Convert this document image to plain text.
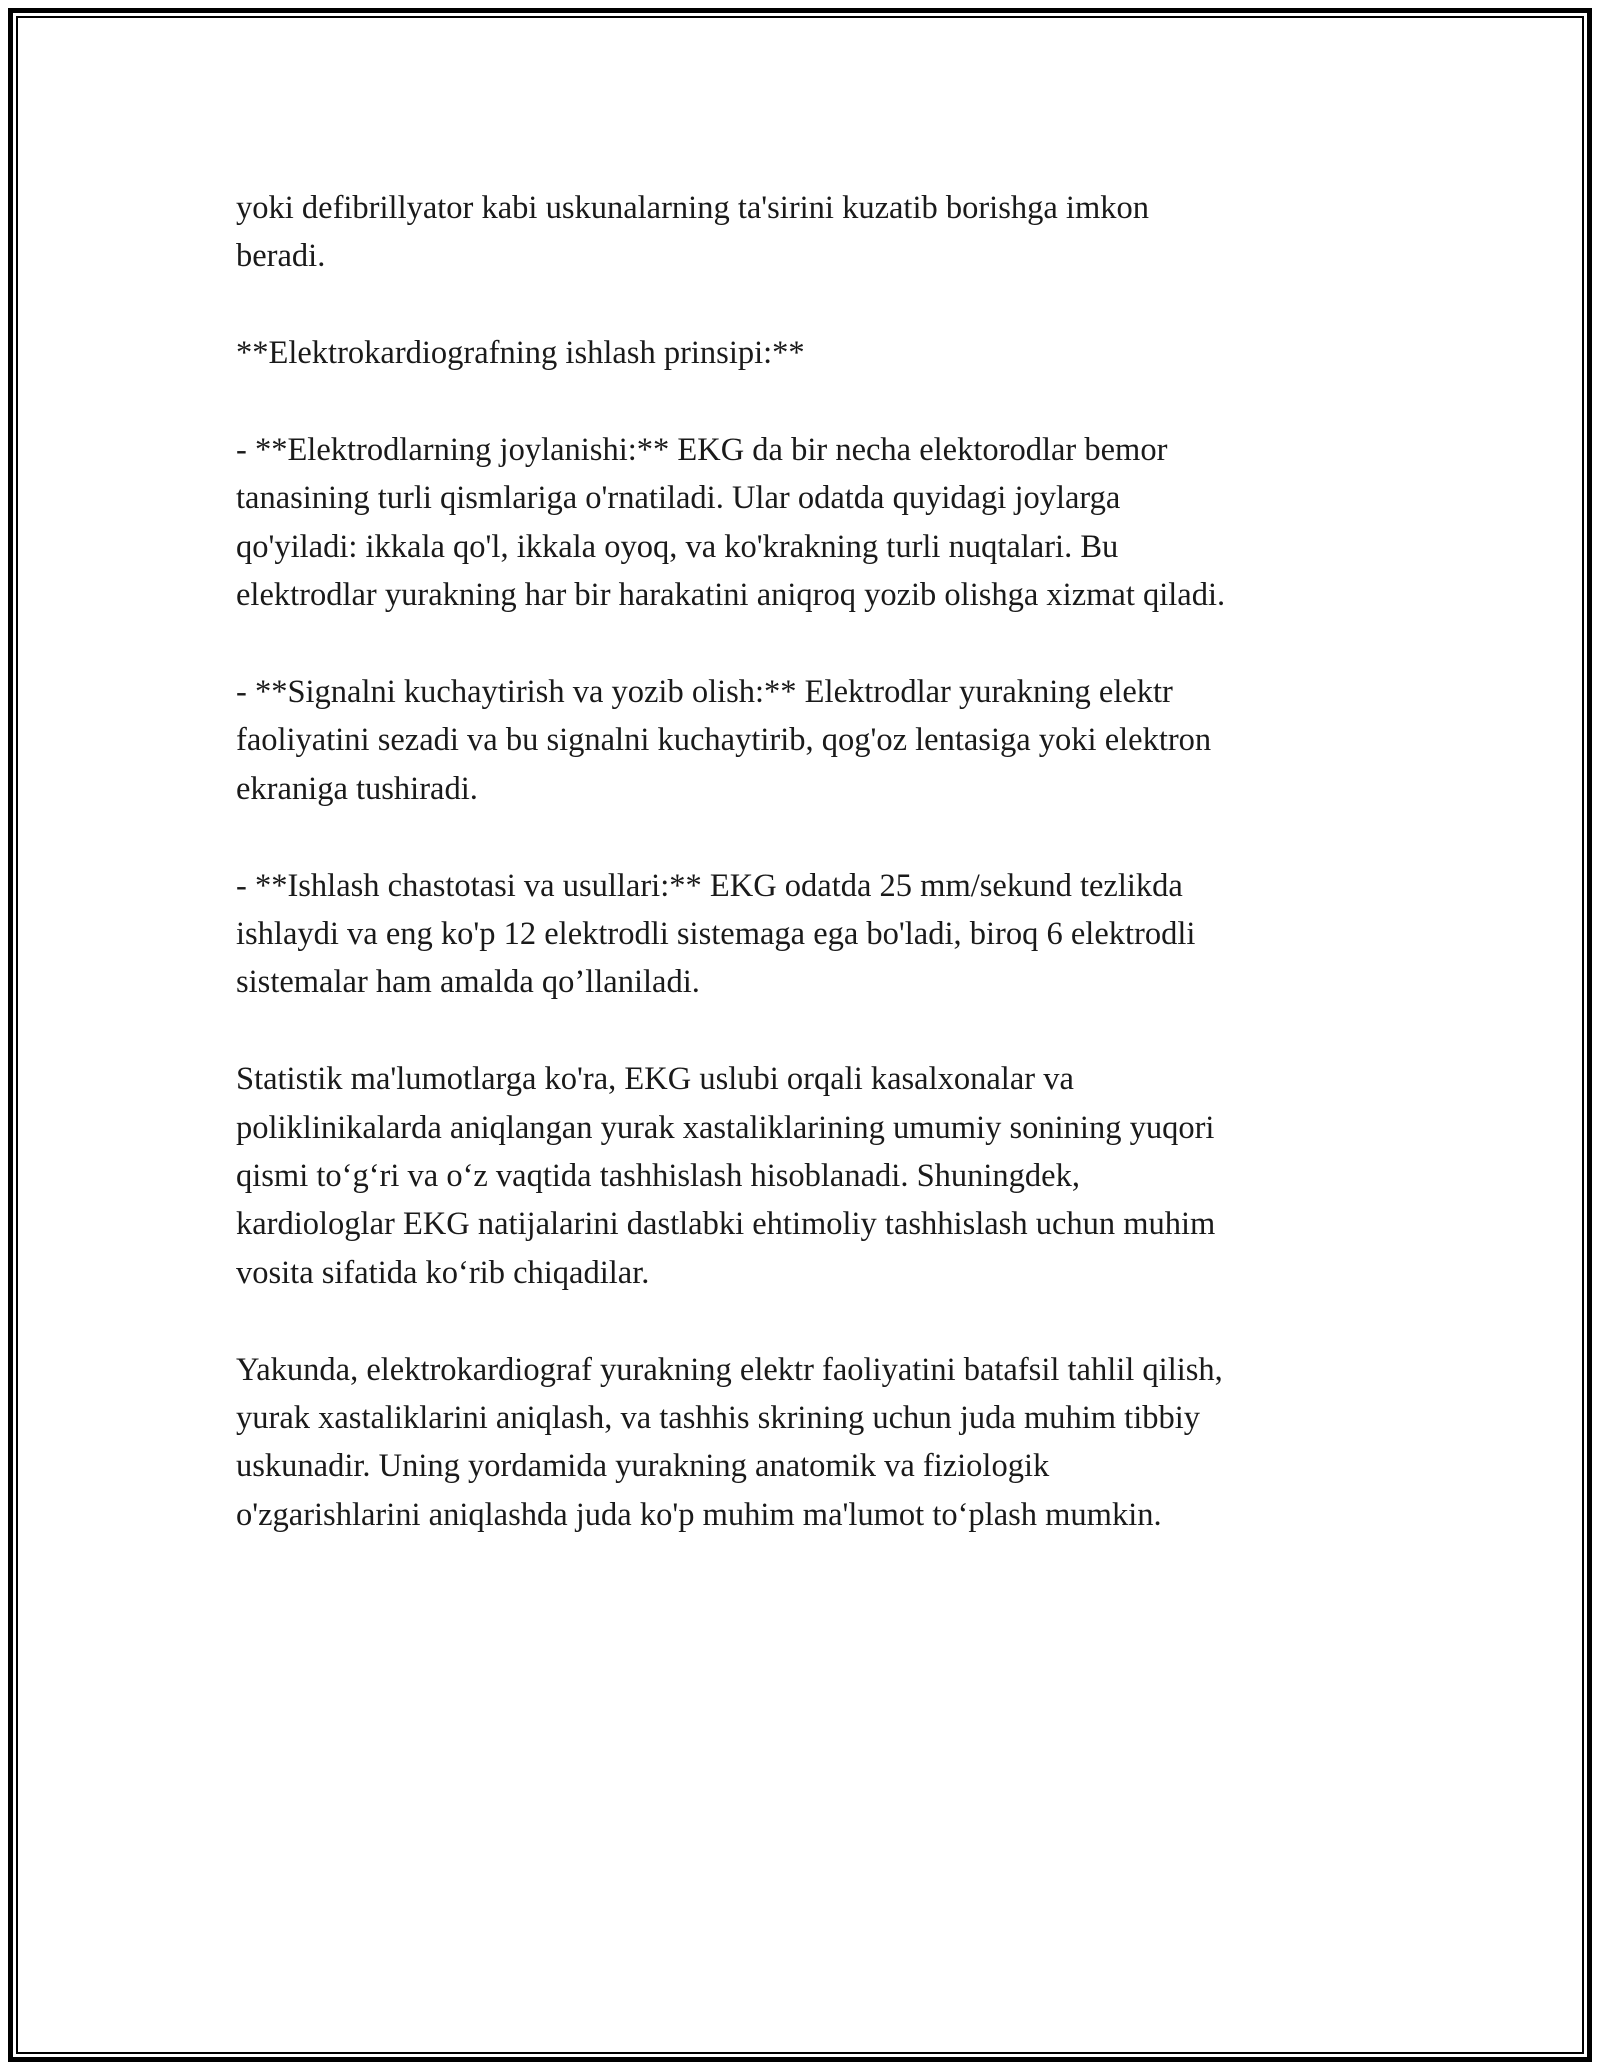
yoki defibrillyator kabi uskunalarning ta'sirini kuzatib borishga imkon
beradi.

**Elektrokardiografning ishlash prinsipi:**

- **Elektrodlarning joylanishi:** EKG da bir necha elektorodlar bemor
tanasining turli qismlariga o'rnatiladi. Ular odatda quyidagi joylarga
qo'yiladi: ikkala qo'l, ikkala oyoq, va ko'krakning turli nuqtalari. Bu
elektrodlar yurakning har bir harakatini aniqroq yozib olishga xizmat qiladi.

- **Signalni kuchaytirish va yozib olish:** Elektrodlar yurakning elektr
faoliyatini sezadi va bu signalni kuchaytirib, qog'oz lentasiga yoki elektron
ekraniga tushiradi.

- **Ishlash chastotasi va usullari:** EKG odatda 25 mm/sekund tezlikda
ishlaydi va eng ko'p 12 elektrodli sistemaga ega bo'ladi, biroq 6 elektrodli
sistemalar ham amalda qo’llaniladi.

Statistik ma'lumotlarga ko'ra, EKG uslubi orqali kasalxonalar va
poliklinikalarda aniqlangan yurak xastaliklarining umumiy sonining yuqori
qismi to‘g‘ri va o‘z vaqtida tashhislash hisoblanadi. Shuningdek,
kardiologlar EKG natijalarini dastlabki ehtimoliy tashhislash uchun muhim
vosita sifatida ko‘rib chiqadilar.

Yakunda, elektrokardiograf yurakning elektr faoliyatini batafsil tahlil qilish,
yurak xastaliklarini aniqlash, va tashhis skrining uchun juda muhim tibbiy
uskunadir. Uning yordamida yurakning anatomik va fiziologik
o'zgarishlarini aniqlashda juda ko'p muhim ma'lumot to‘plash mumkin.
